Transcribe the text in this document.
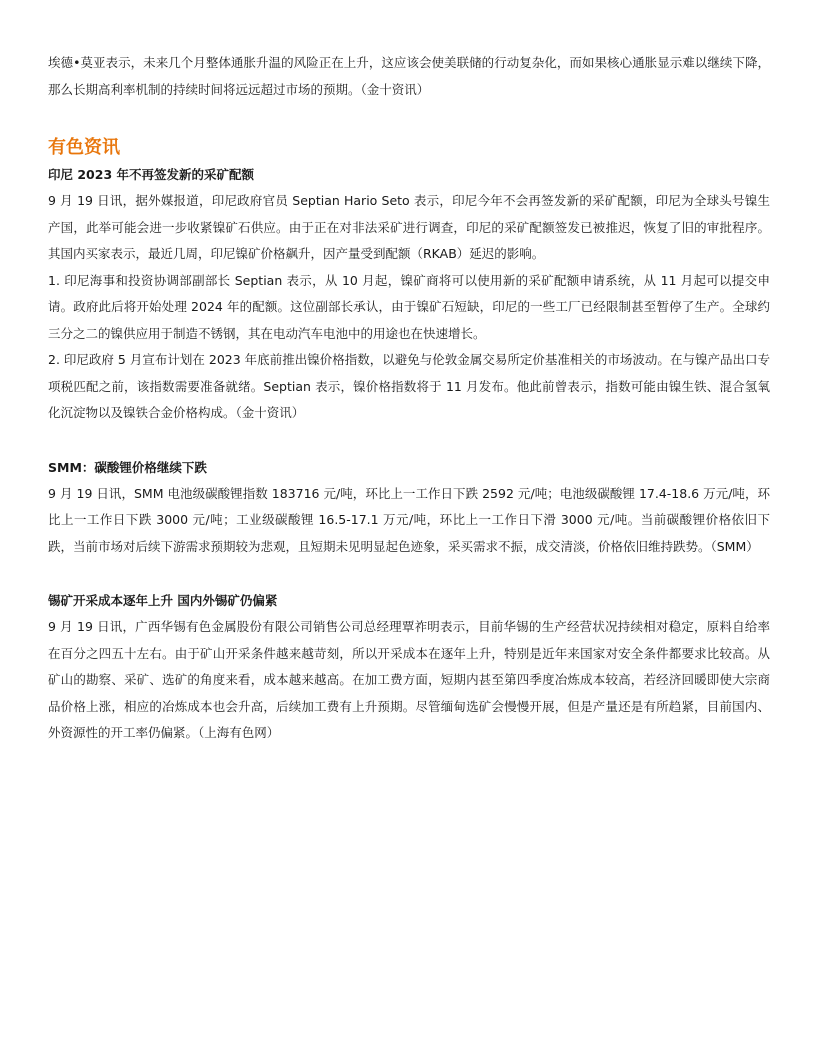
埃德•莫亚表示，未来几个月整体通胀升温的风险正在上升，这应该会使美联储的行动复杂化，而如果核心通胀显示难以继续下降，那么长期高利率机制的持续时间将远远超过市场的预期。（金十资讯）

有色资讯
印尼 2023 年不再签发新的采矿配额

9 月 19 日讯，据外媒报道，印尼政府官员 Septian Hario Seto 表示，印尼今年不会再签发新的采矿配额，印尼为全球头号镍生产国，此举可能会进一步收紧镍矿石供应。由于正在对非法采矿进行调查，印尼的采矿配额签发已被推迟，恢复了旧的审批程序。其国内买家表示，最近几周，印尼镍矿价格飙升，因产量受到配额（RKAB）延迟的影响。

1. 印尼海事和投资协调部副部长 Septian 表示，从 10 月起，镍矿商将可以使用新的采矿配额申请系统，从 11 月起可以提交申请。政府此后将开始处理 2024 年的配额。这位副部长承认，由于镍矿石短缺，印尼的一些工厂已经限制甚至暂停了生产。全球约三分之二的镍供应用于制造不锈钢，其在电动汽车电池中的用途也在快速增长。

2. 印尼政府 5 月宣布计划在 2023 年底前推出镍价格指数，以避免与伦敦金属交易所定价基准相关的市场波动。在与镍产品出口专项税匹配之前，该指数需要准备就绪。Septian 表示，镍价格指数将于 11 月发布。他此前曾表示，指数可能由镍生铁、混合氢氧化沉淀物以及镍铁合金价格构成。（金十资讯）

SMM：碳酸锂价格继续下跌

9 月 19 日讯，SMM 电池级碳酸锂指数 183716 元/吨，环比上一工作日下跌 2592 元/吨；电池级碳酸锂 17.4-18.6 万元/吨，环比上一工作日下跌 3000 元/吨；工业级碳酸锂 16.5-17.1 万元/吨，环比上一工作日下滑 3000 元/吨。当前碳酸锂价格依旧下跌，当前市场对后续下游需求预期较为悲观，且短期未见明显起色迹象，采买需求不振，成交清淡，价格依旧维持跌势。（SMM）

锡矿开采成本逐年上升 国内外锡矿仍偏紧

9 月 19 日讯，广西华锡有色金属股份有限公司销售公司总经理覃祚明表示，目前华锡的生产经营状况持续相对稳定，原料自给率在百分之四五十左右。由于矿山开采条件越来越苛刻，所以开采成本在逐年上升，特别是近年来国家对安全条件都要求比较高。从矿山的勘察、采矿、选矿的角度来看，成本越来越高。在加工费方面，短期内甚至第四季度冶炼成本较高，若经济回暖即使大宗商品价格上涨，相应的冶炼成本也会升高，后续加工费有上升预期。尽管缅甸选矿会慢慢开展，但是产量还是有所趋紧，目前国内、外资源性的开工率仍偏紧。（上海有色网）
